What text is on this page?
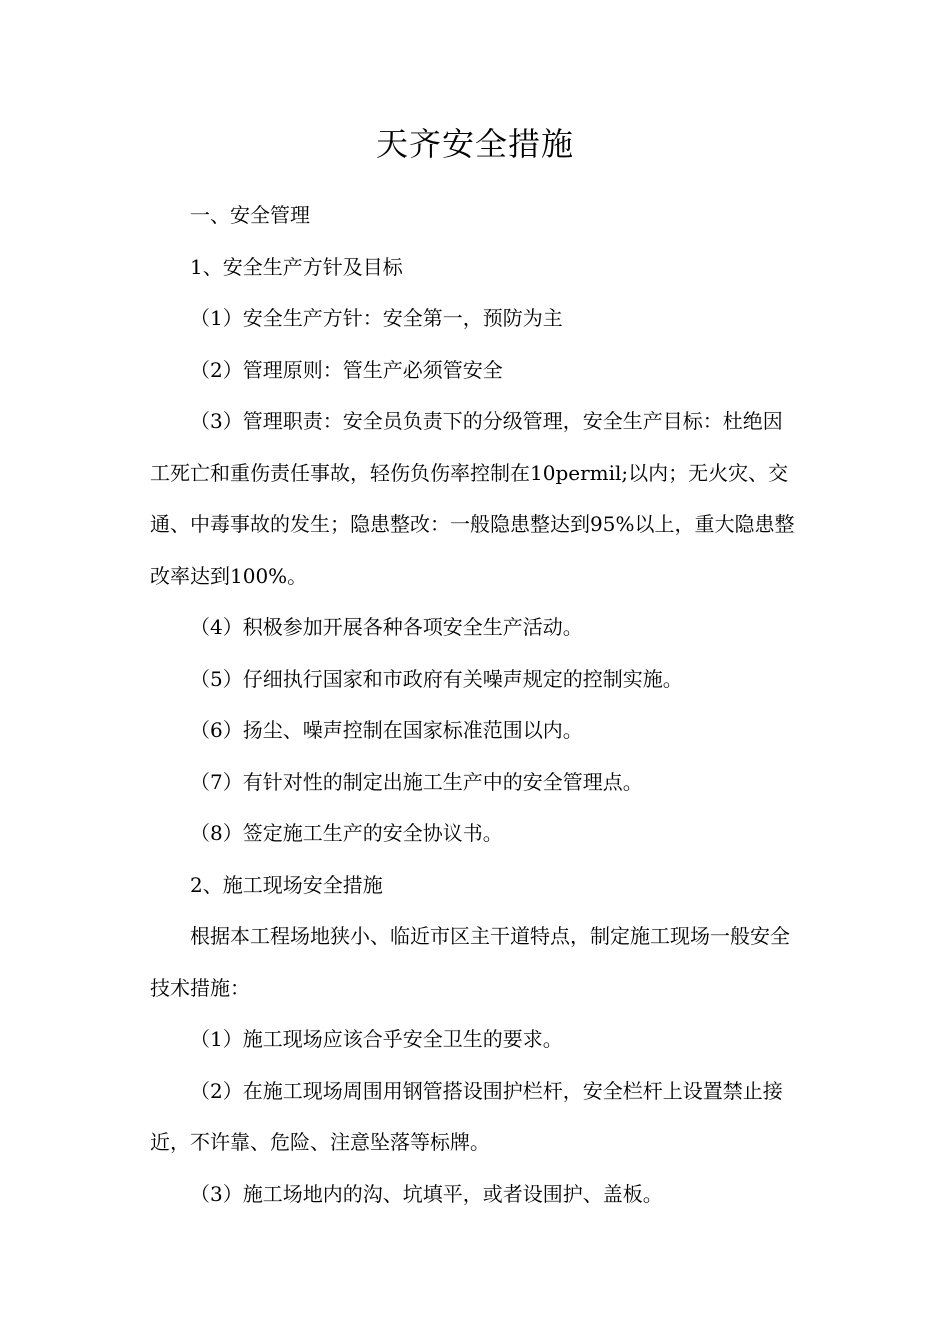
天齐安全措施

一、安全管理

1、安全生产方针及目标

（1）安全生产方针：安全第一，预防为主

（2）管理原则：管生产必须管安全

（3）管理职责：安全员负责下的分级管理，安全生产目标：杜绝因工死亡和重伤责任事故，轻伤负伤率控制在10permil;以内；无火灾、交通、中毒事故的发生；隐患整改：一般隐患整达到95%以上，重大隐患整改率达到100%。

（4）积极参加开展各种各项安全生产活动。

（5）仔细执行国家和市政府有关噪声规定的控制实施。

（6）扬尘、噪声控制在国家标准范围以内。

（7）有针对性的制定出施工生产中的安全管理点。

（8）签定施工生产的安全协议书。

2、施工现场安全措施

根据本工程场地狭小、临近市区主干道特点，制定施工现场一般安全技术措施：

（1）施工现场应该合乎安全卫生的要求。

（2）在施工现场周围用钢管搭设围护栏杆，安全栏杆上设置禁止接近，不许靠、危险、注意坠落等标牌。

（3）施工场地内的沟、坑填平，或者设围护、盖板。
